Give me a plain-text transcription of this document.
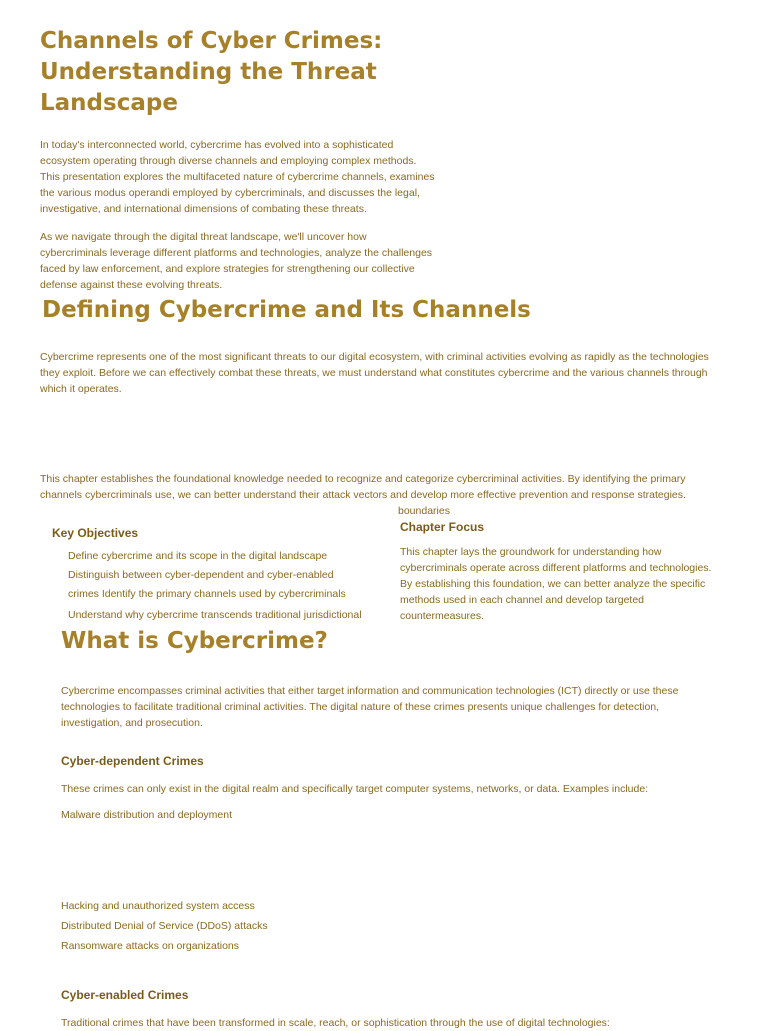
Channels of Cyber Crimes: Understanding the Threat Landscape

In today's interconnected world, cybercrime has evolved into a sophisticated ecosystem operating through diverse channels and employing complex methods. This presentation explores the multifaceted nature of cybercrime channels, examines the various modus operandi employed by cybercriminals, and discusses the legal, investigative, and international dimensions of combating these threats.

As we navigate through the digital threat landscape, we'll uncover how cybercriminals leverage different platforms and technologies, analyze the challenges faced by law enforcement, and explore strategies for strengthening our collective defense against these evolving threats.

Defining Cybercrime and Its Channels

Cybercrime represents one of the most significant threats to our digital ecosystem, with criminal activities evolving as rapidly as the technologies they exploit. Before we can effectively combat these threats, we must understand what constitutes cybercrime and the various channels through which it operates.

This chapter establishes the foundational knowledge needed to recognize and categorize cybercriminal activities. By identifying the primary channels cybercriminals use, we can better understand their attack vectors and develop more effective prevention and response strategies.

boundaries
Key Objectives
Define cybercrime and its scope in the digital landscape
Distinguish between cyber-dependent and cyber-enabled
crimes Identify the primary channels used by cybercriminals
Understand why cybercrime transcends traditional jurisdictional
Chapter Focus

This chapter lays the groundwork for understanding how cybercriminals operate across different platforms and technologies. By establishing this foundation, we can better analyze the specific methods used in each channel and develop targeted countermeasures.

What is Cybercrime?

Cybercrime encompasses criminal activities that either target information and communication technologies (ICT) directly or use these technologies to facilitate traditional criminal activities. The digital nature of these crimes presents unique challenges for detection, investigation, and prosecution.

Cyber-dependent Crimes

These crimes can only exist in the digital realm and specifically target computer systems, networks, or data. Examples include:

Malware distribution and deployment
Hacking and unauthorized system access
Distributed Denial of Service (DDoS) attacks
Ransomware attacks on organizations
Cyber-enabled Crimes

Traditional crimes that have been transformed in scale, reach, or sophistication through the use of digital technologies:
